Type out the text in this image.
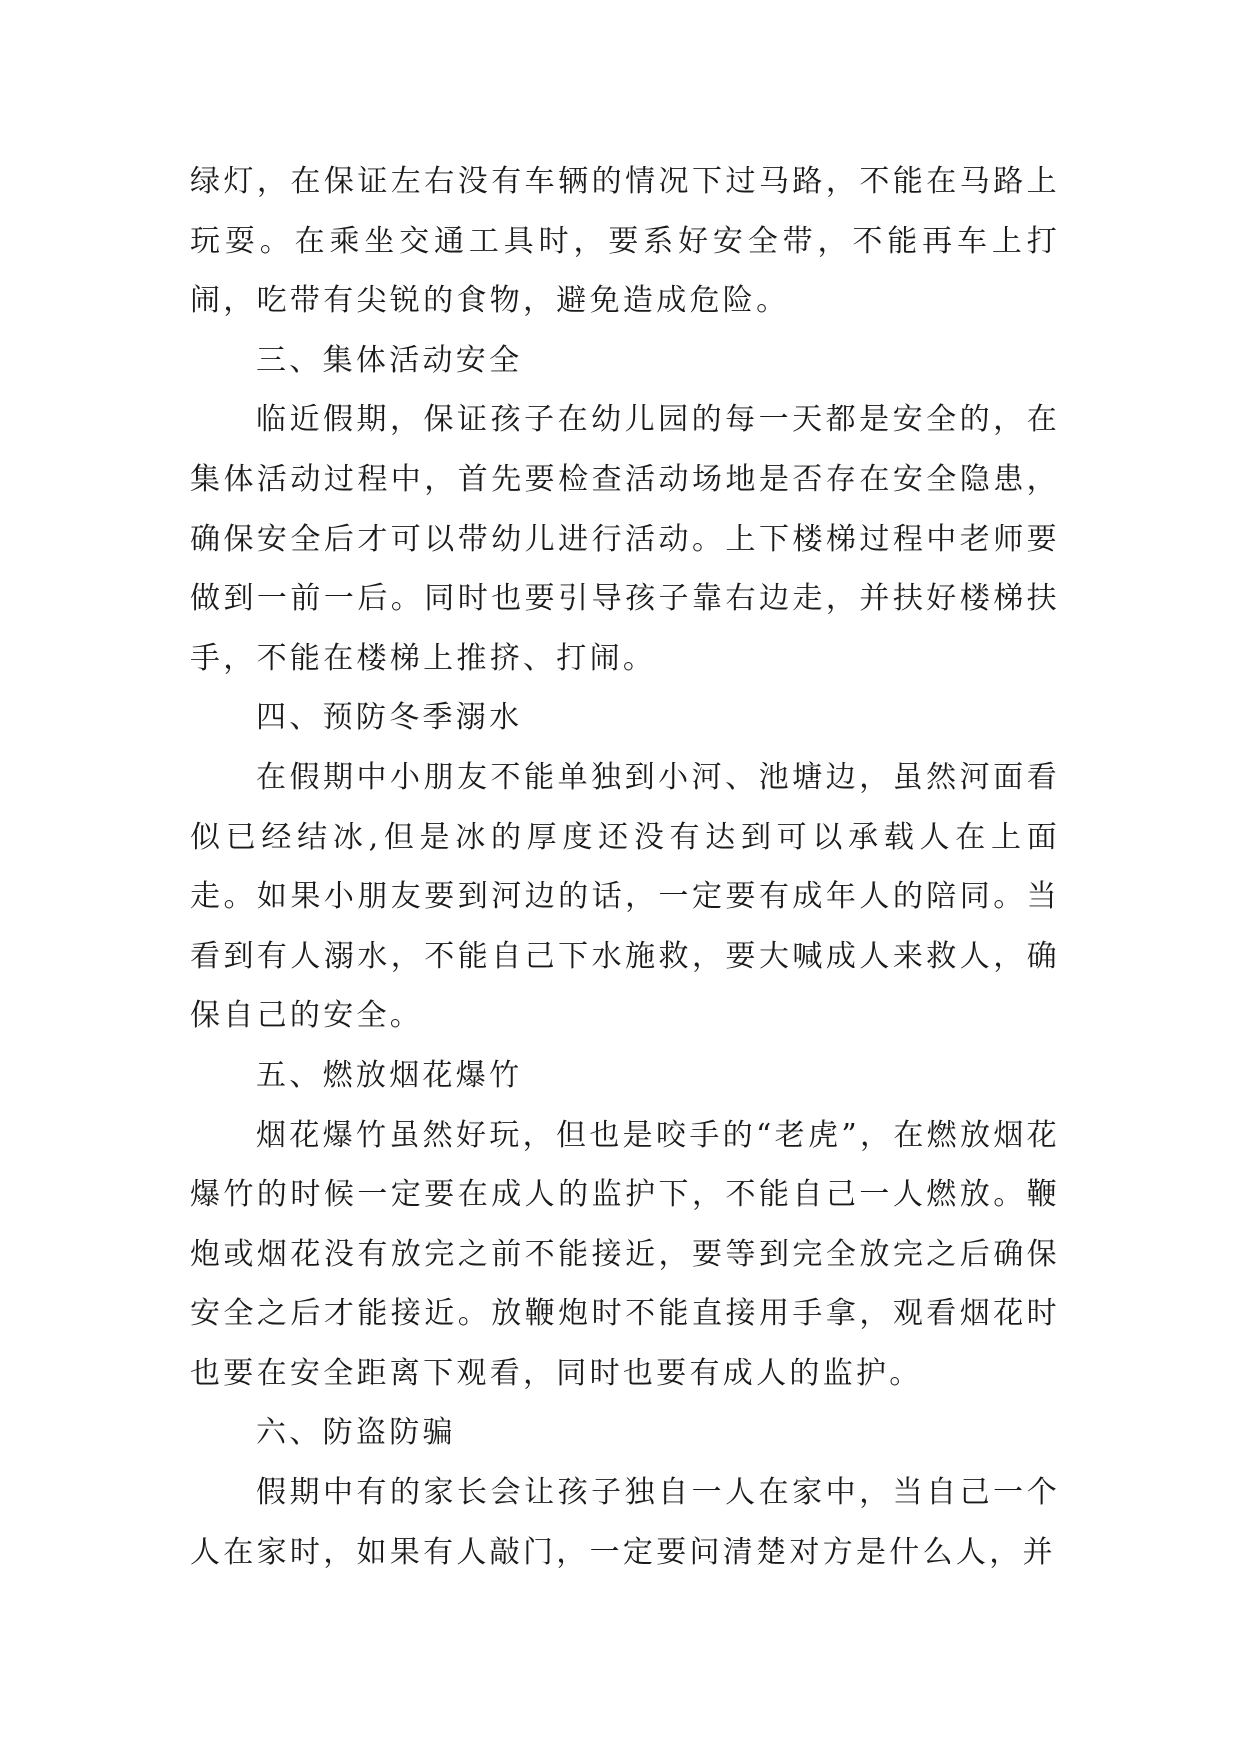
绿灯，在保证左右没有车辆的情况下过马路，不能在马路上玩耍。在乘坐交通工具时，要系好安全带，不能再车上打闹，吃带有尖锐的食物，避免造成危险。

三、集体活动安全

临近假期，保证孩子在幼儿园的每一天都是安全的，在集体活动过程中，首先要检查活动场地是否存在安全隐患，确保安全后才可以带幼儿进行活动。上下楼梯过程中老师要做到一前一后。同时也要引导孩子靠右边走，并扶好楼梯扶手，不能在楼梯上推挤、打闹。

四、预防冬季溺水

在假期中小朋友不能单独到小河、池塘边，虽然河面看似已经结冰,但是冰的厚度还没有达到可以承载人在上面走。如果小朋友要到河边的话，一定要有成年人的陪同。当看到有人溺水，不能自己下水施救，要大喊成人来救人，确保自己的安全。

五、燃放烟花爆竹

烟花爆竹虽然好玩，但也是咬手的“老虎”，在燃放烟花爆竹的时候一定要在成人的监护下，不能自己一人燃放。鞭炮或烟花没有放完之前不能接近，要等到完全放完之后确保安全之后才能接近。放鞭炮时不能直接用手拿，观看烟花时也要在安全距离下观看，同时也要有成人的监护。

六、防盗防骗

假期中有的家长会让孩子独自一人在家中，当自己一个人在家时，如果有人敲门，一定要问清楚对方是什么人，并
